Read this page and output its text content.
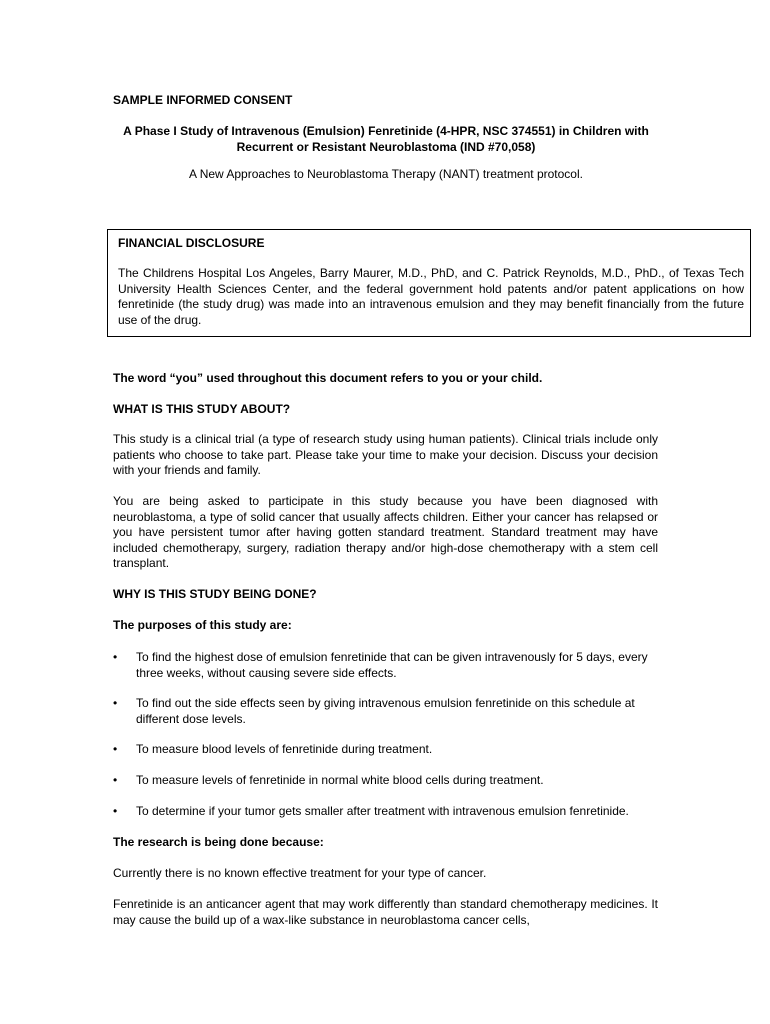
SAMPLE INFORMED CONSENT

A Phase I Study of Intravenous (Emulsion) Fenretinide (4-HPR, NSC 374551) in Children with Recurrent or Resistant Neuroblastoma (IND #70,058)

A New Approaches to Neuroblastoma Therapy (NANT) treatment protocol.

FINANCIAL DISCLOSURE

The Childrens Hospital Los Angeles, Barry Maurer, M.D., PhD, and C. Patrick Reynolds, M.D., PhD., of Texas Tech University Health Sciences Center, and the federal government hold patents and/or patent applications on how fenretinide (the study drug) was made into an intravenous emulsion and they may benefit financially from the future use of the drug.

The word “you” used throughout this document refers to you or your child.

WHAT IS THIS STUDY ABOUT?

This study is a clinical trial (a type of research study using human patients). Clinical trials include only patients who choose to take part. Please take your time to make your decision. Discuss your decision with your friends and family.

You are being asked to participate in this study because you have been diagnosed with neuroblastoma, a type of solid cancer that usually affects children. Either your cancer has relapsed or you have persistent tumor after having gotten standard treatment. Standard treatment may have included chemotherapy, surgery, radiation therapy and/or high-dose chemotherapy with a stem cell transplant.

WHY IS THIS STUDY BEING DONE?

The purposes of this study are:

• To find the highest dose of emulsion fenretinide that can be given intravenously for 5 days, every three weeks, without causing severe side effects.
• To find out the side effects seen by giving intravenous emulsion fenretinide on this schedule at different dose levels.
• To measure blood levels of fenretinide during treatment.
• To measure levels of fenretinide in normal white blood cells during treatment.
• To determine if your tumor gets smaller after treatment with intravenous emulsion fenretinide.

The research is being done because:

Currently there is no known effective treatment for your type of cancer.

Fenretinide is an anticancer agent that may work differently than standard chemotherapy medicines. It may cause the build up of a wax-like substance in neuroblastoma cancer cells,
